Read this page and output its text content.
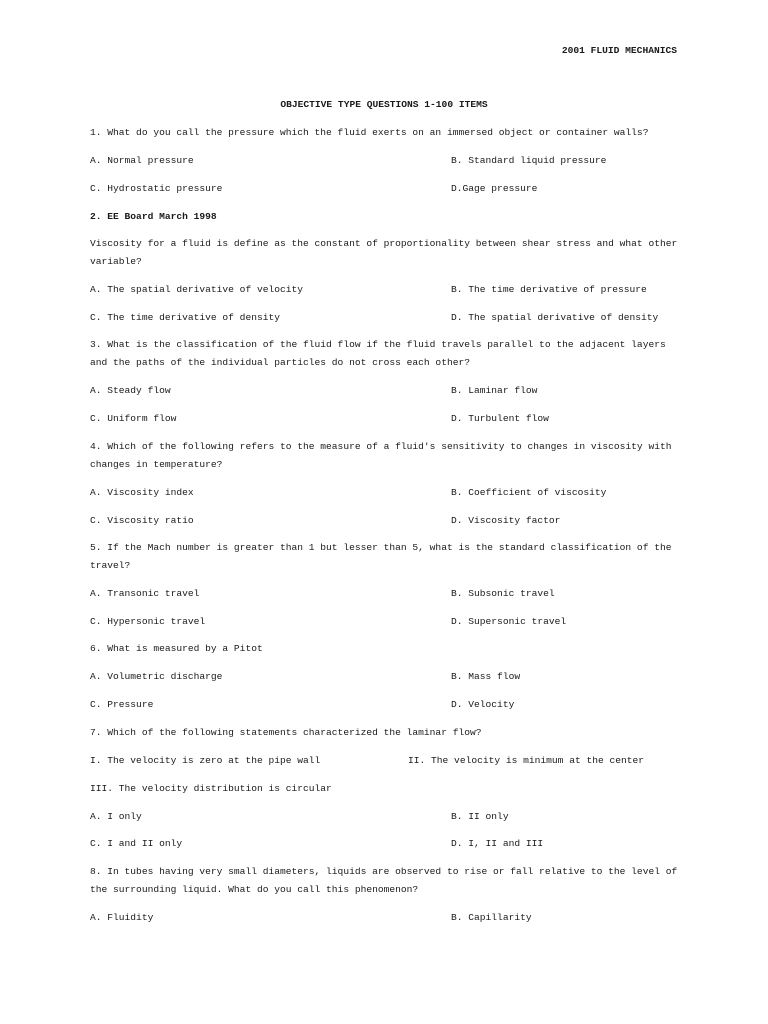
2001 FLUID MECHANICS
OBJECTIVE TYPE QUESTIONS 1-100 ITEMS
1. What do you call the pressure which the fluid exerts on an immersed object or container walls?
A. Normal pressure	B. Standard liquid pressure
C. Hydrostatic pressure	D.Gage pressure
2. EE Board March 1998
Viscosity for a fluid is define as the constant of proportionality between shear stress and what other variable?
A. The spatial derivative of velocity	B. The time derivative of pressure
C. The time derivative of density	D. The spatial derivative of density
3. What is the classification of the fluid flow if the fluid travels parallel to the adjacent layers and the paths of the individual particles do not cross each other?
A. Steady flow	B. Laminar flow
C. Uniform flow	D. Turbulent flow
4. Which of the following refers to the measure of a fluid's sensitivity to changes in viscosity with changes in temperature?
A. Viscosity index	B. Coefficient of viscosity
C. Viscosity ratio	D. Viscosity factor
5. If the Mach number is greater than 1 but lesser than 5, what is the standard classification of the travel?
A. Transonic travel	B. Subsonic travel
C. Hypersonic travel	D. Supersonic travel
6. What is measured by a Pitot
A. Volumetric discharge	B. Mass flow
C. Pressure	D. Velocity
7. Which of the following statements characterized the laminar flow?
I. The velocity is zero at the pipe wall	II. The velocity is minimum at the center
III. The velocity distribution is circular
A. I only	B. II only
C. I and II only	D. I, II and III
8. In tubes having very small diameters, liquids are observed to rise or fall relative to the level of the surrounding liquid. What do you call this phenomenon?
A. Fluidity	B. Capillarity
